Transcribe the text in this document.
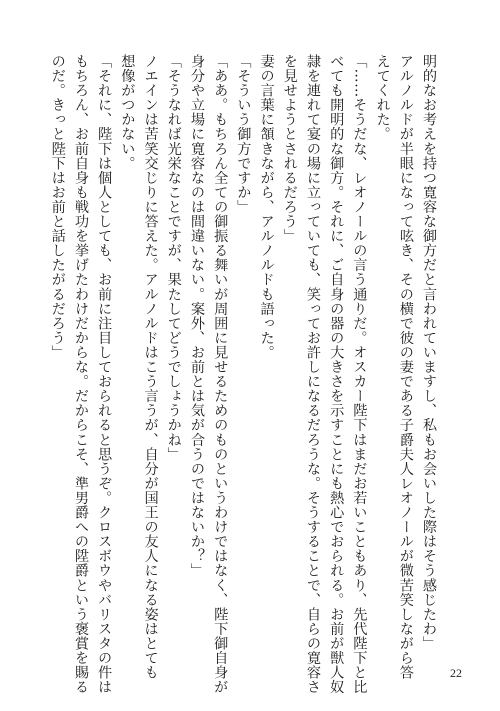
明的なお考えを持つ寛容な御方だと言われていますし、私もお会いした際はそう感じたわ」
アルノルドが半眼になって呟き、その横で彼の妻である子爵夫人レオノールが微苦笑しながら答
えてくれた。
「……そうだな、レオノールの言う通りだ。オスカー陛下はまだお若いこともあり、先代陛下と比
べても開明的な御方。それに、ご自身の器の大きさを示すことにも熱心でおられる。お前が獣人奴
隷を連れて宴の場に立っていても、笑ってお許しになるだろうな。そうすることで、自らの寛容さ
を見せようとされるだろう」
妻の言葉に頷きながら、アルノルドも語った。
「そういう御方ですか」
「ああ。もちろん全ての御振る舞いが周囲に見せるためのものというわけではなく、陛下御自身が
身分や立場に寛容なのは間違いない。案外、お前とは気が合うのではないか？」
「そうなれば光栄なことですが、果たしてどうでしょうかね」
ノエインは苦笑交じりに答えた。アルノルドはこう言うが、自分が国王の友人になる姿はとても
想像がつかない。
「それに、陛下は個人としても、お前に注目しておられると思うぞ。クロスボウやバリスタの件は
もちろん、お前自身も戦功を挙げたわけだからな。だからこそ、準男爵への陞爵という褒賞を賜る
のだ。きっと陛下はお前と話したがるだろう」
22
